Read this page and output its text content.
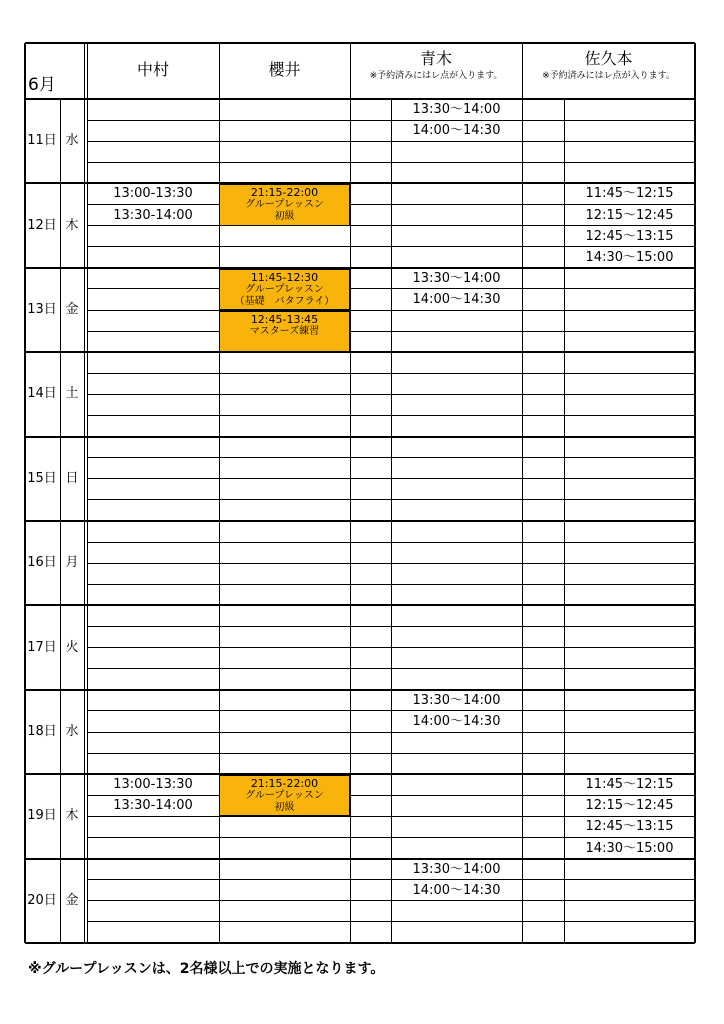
6月
中村	櫻井
青木
※予約済みにはレ点が入ります。
佐久本
※予約済みにはレ点が入ります。
11日 水
13:30～14:00
14:00～14:30
12日 木
13:00-13:30
13:30-14:00
11:45～12:15
12:15～12:45
12:45～13:15
14:30～15:00
21:15-22:00
グループレッスン
初級
13日 金
13:30～14:00
14:00～14:30
11:45-12:30
グループレッスン
（基礎　バタフライ）
12:45-13:45
マスターズ練習
14日 土
15日 日
16日 月
17日 火
18日 水
13:30～14:00
14:00～14:30
19日 木
13:00-13:30
13:30-14:00
11:45～12:15
12:15～12:45
12:45～13:15
14:30～15:00
21:15-22:00
グループレッスン
初級
20日 金
13:30～14:00
14:00～14:30
※グループレッスンは、2名様以上での実施となります。
